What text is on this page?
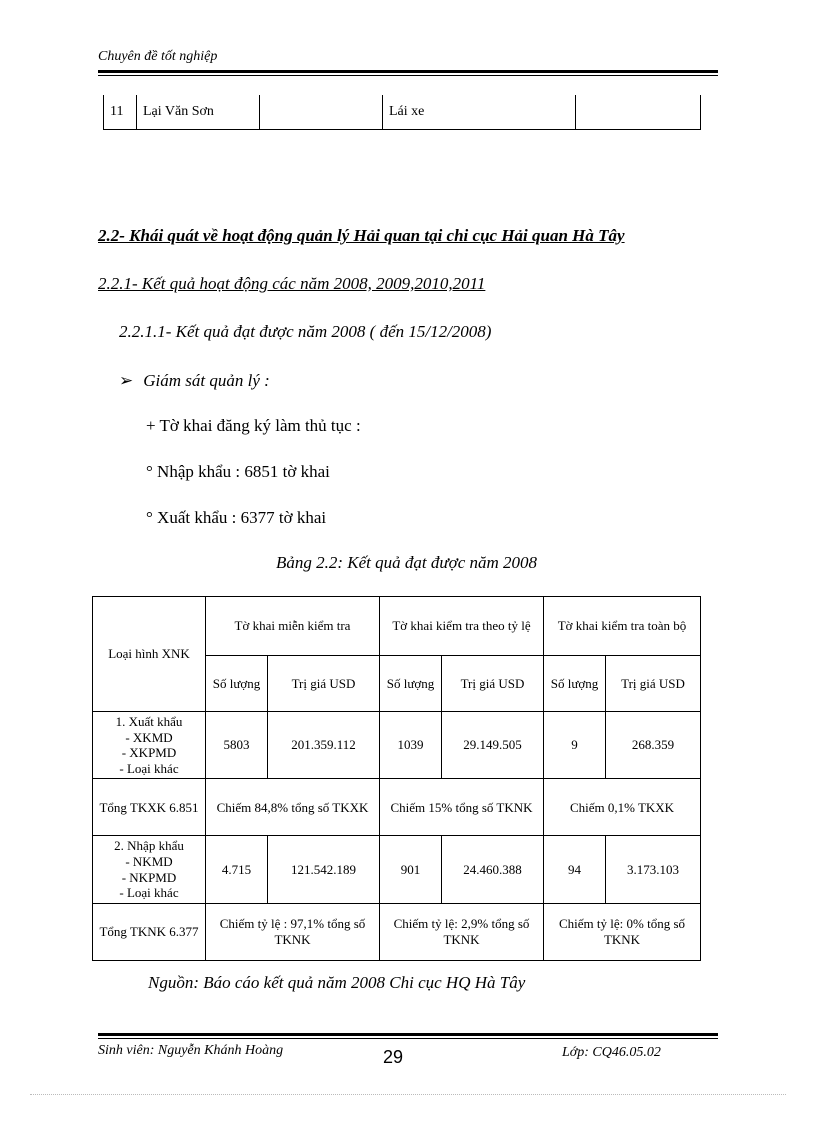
Chuyên đề tốt nghiệp
11	Lại Văn Sơn		Lái xe	
2.2- Khái quát về hoạt động quản lý Hải quan tại chi cục Hải quan Hà Tây
2.2.1- Kết quả hoạt động các năm 2008, 2009,2010,2011
2.2.1.1- Kết quả đạt được năm 2008 ( đến 15/12/2008)
➢ Giám sát quản lý :
+ Tờ khai đăng ký làm thủ tục :
° Nhập khẩu : 6851 tờ khai
° Xuất khẩu : 6377 tờ khai
Bảng 2.2: Kết quả đạt được năm 2008
Loại hình XNK	Tờ khai miễn kiểm tra		Tờ khai kiểm tra theo tỷ lệ		Tờ khai kiểm tra toàn bộ	
	Số lượng	Trị giá USD	Số lượng	Trị giá USD	Số lượng	Trị giá USD

1. Xuất khẩu
- XKMD
- XKPMD
- Loại khác	5803	201.359.112	1039	29.149.505	9	268.359
Tổng TKXK 6.851	Chiếm 84,8% tổng số TKXK		Chiếm 15% tổng số TKNK		Chiếm 0,1% TKXK	

2. Nhập khẩu
- NKMD
- NKPMD
- Loại khác	4.715	121.542.189	901	24.460.388	94	3.173.103
Tổng TKNK 6.377	Chiếm tỷ lệ : 97,1% tổng số TKNK		Chiếm tỷ lệ: 2,9% tổng số TKNK		Chiếm tỷ lệ: 0% tổng số TKNK	
Nguồn: Báo cáo kết quả năm 2008 Chi cục HQ Hà Tây
Sinh viên: Nguyễn Khánh Hoàng	29	Lớp: CQ46.05.02
